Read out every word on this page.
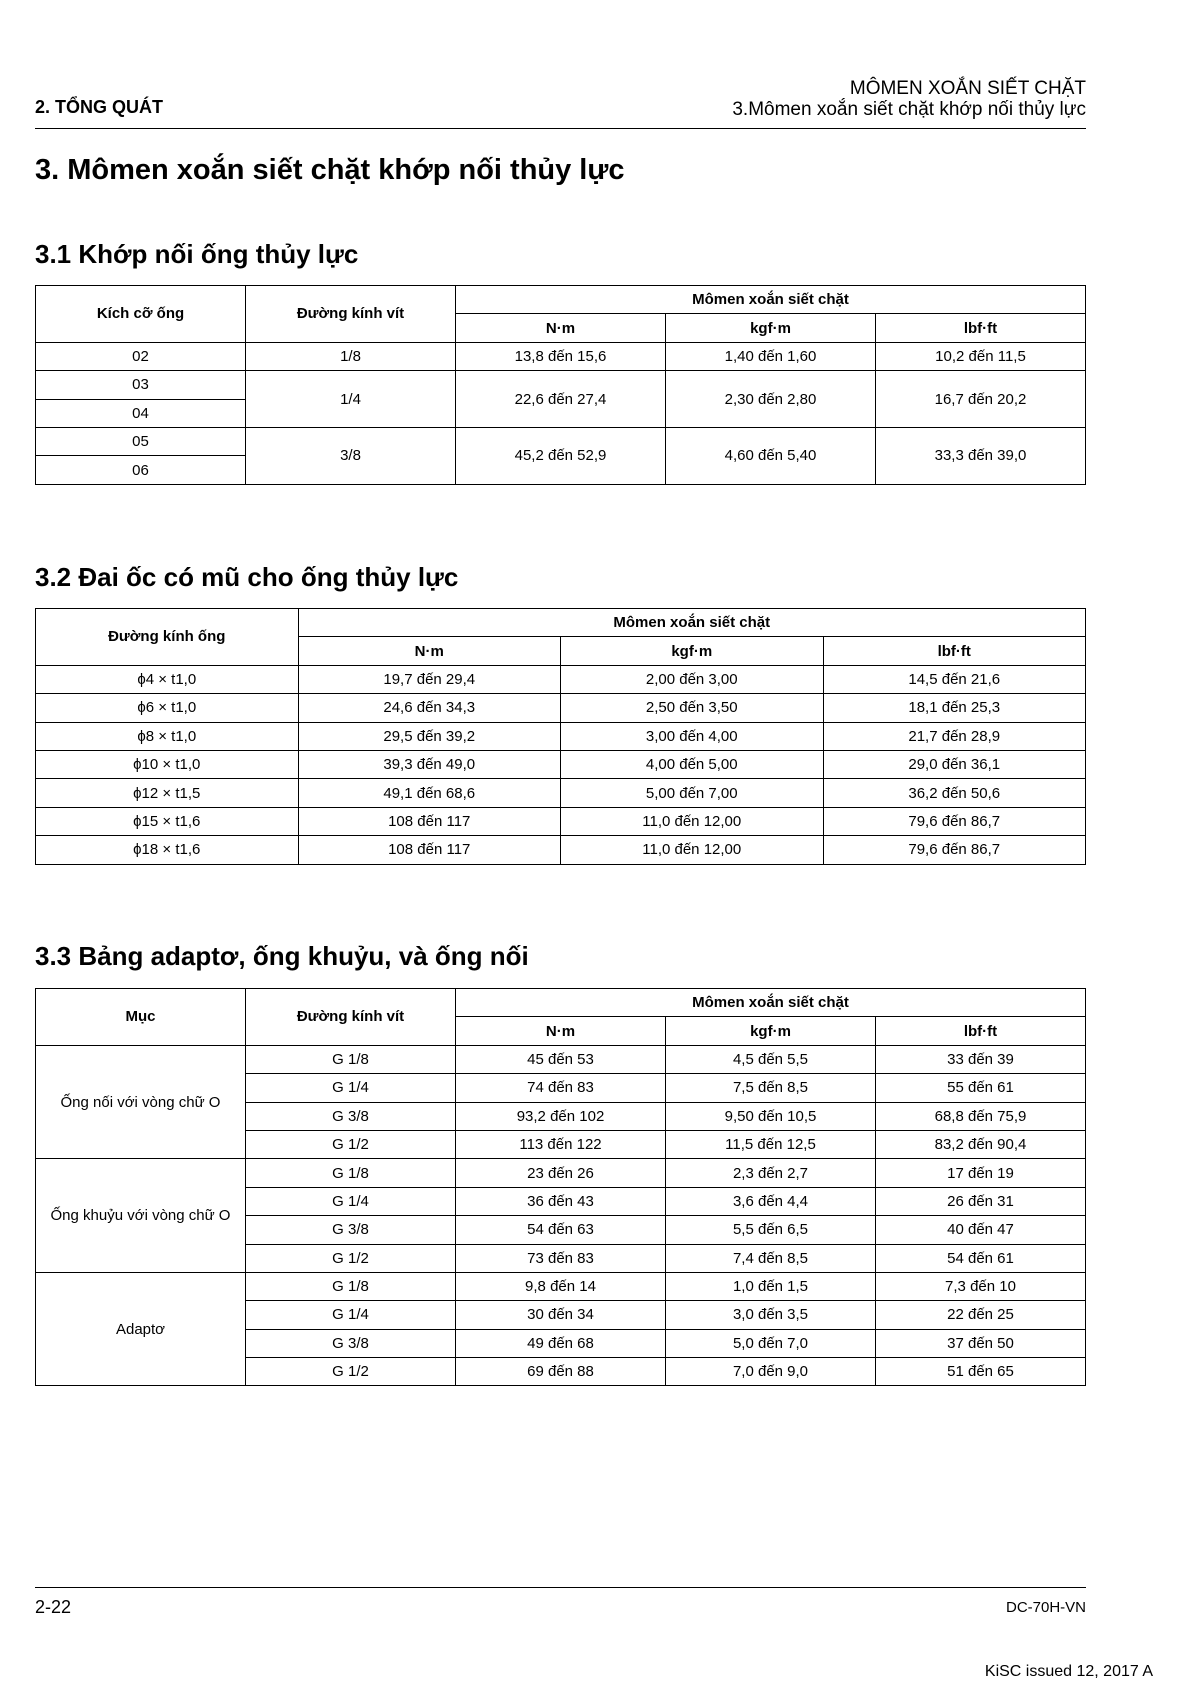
2. TỔNG QUÁT
MÔMEN XOẮN SIẾT CHẶT
3.Mômen xoắn siết chặt khớp nối thủy lực
3. Mômen xoắn siết chặt khớp nối thủy lực
3.1 Khớp nối ống thủy lực
Kích cỡ ống	Đường kính vít	Mômen xoắn siết chặt		
		N·m	kgf·m	lbf·ft
02	1/8	13,8 đến 15,6	1,40 đến 1,60	10,2 đến 11,5
03	1/4	22,6 đến 27,4	2,30 đến 2,80	16,7 đến 20,2
04				
05	3/8	45,2 đến 52,9	4,60 đến 5,40	33,3 đến 39,0
06				
3.2 Đai ốc có mũ cho ống thủy lực
Đường kính ống	Mômen xoắn siết chặt		
	N·m	kgf·m	lbf·ft
ϕ4 × t1,0	19,7 đến 29,4	2,00 đến 3,00	14,5 đến 21,6
ϕ6 × t1,0	24,6 đến 34,3	2,50 đến 3,50	18,1 đến 25,3
ϕ8 × t1,0	29,5 đến 39,2	3,00 đến 4,00	21,7 đến 28,9
ϕ10 × t1,0	39,3 đến 49,0	4,00 đến 5,00	29,0 đến 36,1
ϕ12 × t1,5	49,1 đến 68,6	5,00 đến 7,00	36,2 đến 50,6
ϕ15 × t1,6	108 đến 117	11,0 đến 12,00	79,6 đến 86,7
ϕ18 × t1,6	108 đến 117	11,0 đến 12,00	79,6 đến 86,7
3.3 Bảng adaptơ, ống khuỷu, và ống nối
Mục	Đường kính vít	Mômen xoắn siết chặt		
		N·m	kgf·m	lbf·ft
Ống nối với vòng chữ O	G 1/8	45 đến 53	4,5 đến 5,5	33 đến 39
	G 1/4	74 đến 83	7,5 đến 8,5	55 đến 61
	G 3/8	93,2 đến 102	9,50 đến 10,5	68,8 đến 75,9
	G 1/2	113 đến 122	11,5 đến 12,5	83,2 đến 90,4
Ống khuỷu với vòng chữ O	G 1/8	23 đến 26	2,3 đến 2,7	17 đến 19
	G 1/4	36 đến 43	3,6 đến 4,4	26 đến 31
	G 3/8	54 đến 63	5,5 đến 6,5	40 đến 47
	G 1/2	73 đến 83	7,4 đến 8,5	54 đến 61
Adaptơ	G 1/8	9,8 đến 14	1,0 đến 1,5	7,3 đến 10
	G 1/4	30 đến 34	3,0 đến 3,5	22 đến 25
	G 3/8	49 đến 68	5,0 đến 7,0	37 đến 50
	G 1/2	69 đến 88	7,0 đến 9,0	51 đến 65
2-22	DC-70H-VN
KiSC issued 12, 2017 A
